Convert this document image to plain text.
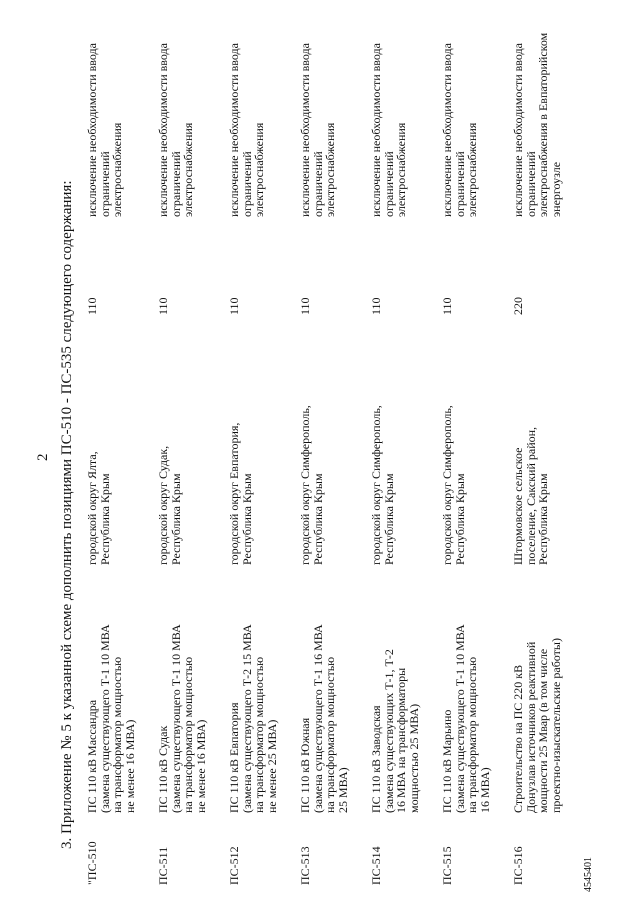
2 3. Приложение № 5 к указанной схеме дополнить позициями ПС-510 - ПС-535 следующего содержания:
"ПС-510
ПС 110 кВ Массандра
(замена существующего Т-1 10 МВА
на трансформатор мощностью
не менее 16 МВА)
городской округ Ялта,
Республика Крым
110
исключение необходимости ввода ограничений
электроснабжения
ПС-511
ПС 110 кВ Судак
(замена существующего Т-1 10 МВА
на трансформатор мощностью
не менее 16 МВА)
городской округ Судак,
Республика Крым
110
исключение необходимости ввода ограничений
электроснабжения
ПС-512
ПС 110 кВ Евпатория
(замена существующего Т-2 15 МВА
на трансформатор мощностью
не менее 25 МВА)
городской округ Евпатория,
Республика Крым
110
исключение необходимости ввода ограничений
электроснабжения
ПС-513
ПС 110 кВ Южная
(замена существующего Т-1 16 МВА
на трансформатор мощностью
25 МВА)
городской округ Симферополь,
Республика Крым
110
исключение необходимости ввода ограничений
электроснабжения
ПС-514
ПС 110 кВ Заводская
(замена существующих Т-1, Т-2
16 МВА на трансформаторы
мощностью 25 МВА)
городской округ Симферополь,
Республика Крым
110
исключение необходимости ввода ограничений
электроснабжения
ПС-515
ПС 110 кВ Марьино
(замена существующего Т-1 10 МВА
на трансформатор мощностью
16 МВА)
городской округ Симферополь,
Республика Крым
110
исключение необходимости ввода ограничений
электроснабжения
ПС-516
Строительство на ПС 220 кВ
Донузлав источников реактивной
мощности 25 Мвар (в том числе
проектно-изыскательские работы)
Штормовское сельское
поселение, Сакский район,
Республика Крым
220
исключение необходимости ввода ограничений
электроснабжения в Евпаторийском энергоузле
4545401
